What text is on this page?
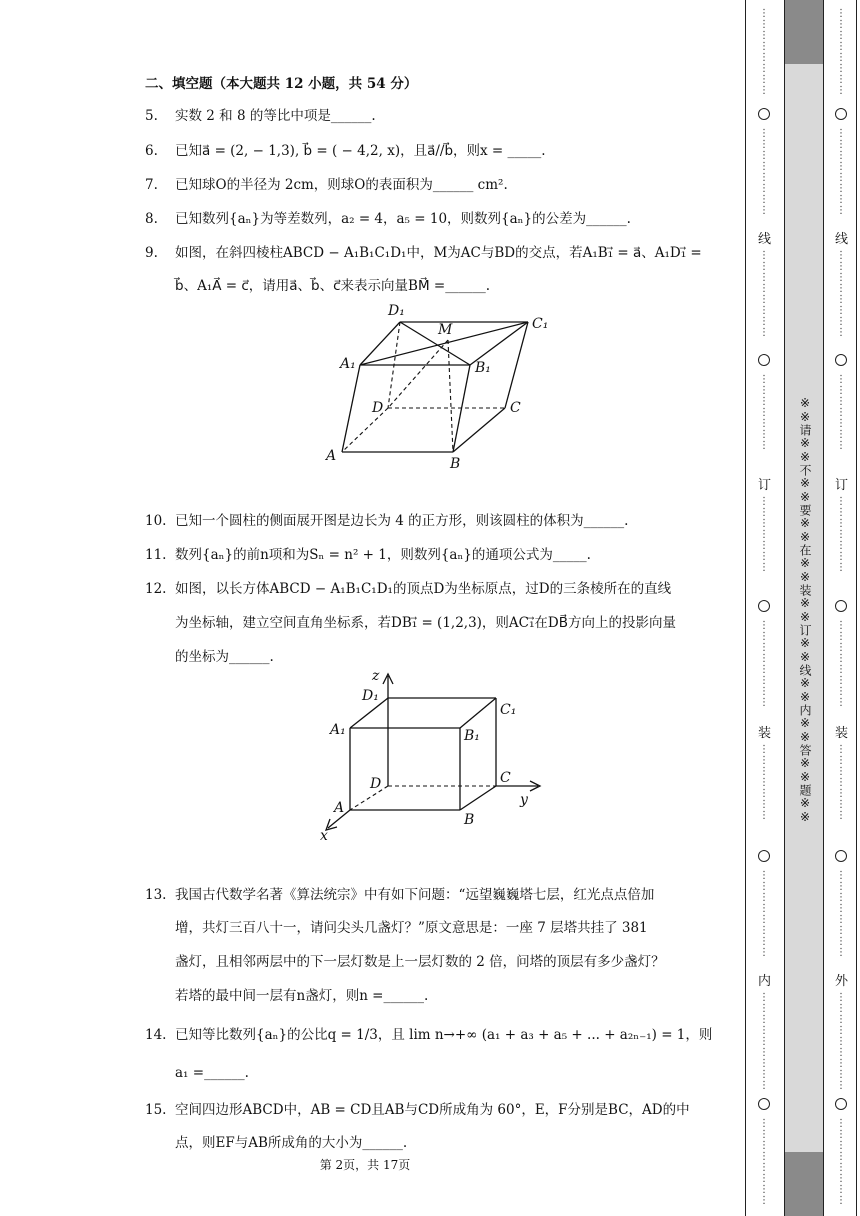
二、填空题（本大题共 12 小题，共 54 分）
5. 实数 2 和 8 的等比中项是______.
6. 已知a⃗ = (2, − 1,3), b⃗ = ( − 4,2, x)，且a⃗//b⃗，则x = _____.
7. 已知球O的半径为 2cm，则球O的表面积为______ cm².
8. 已知数列{aₙ}为等差数列，a₂ = 4，a₅ = 10，则数列{aₙ}的公差为______.
9. 如图，在斜四棱柱ABCD − A₁B₁C₁D₁中，M为AC与BD的交点，若A₁B₁⃗ = a⃗、A₁D₁⃗ =
b⃗、A₁A⃗ = c⃗，请用a⃗、b⃗、c⃗来表示向量BM⃗ =______.
D₁
M	C₁
A₁	B₁
D	C
A	B
10. 已知一个圆柱的侧面展开图是边长为 4 的正方形，则该圆柱的体积为______.
11. 数列{aₙ}的前n项和为Sₙ = n² + 1，则数列{aₙ}的通项公式为_____.
12. 如图，以长方体ABCD − A₁B₁C₁D₁的顶点D为坐标原点，过D的三条棱所在的直线
为坐标轴，建立空间直角坐标系，若DB₁⃗ = (1,2,3)，则AC₁⃗在DB⃗方向上的投影向量
的坐标为______.
z
D₁
C₁
A₁	B₁
D	C
y
A
B
x
13. 我国古代数学名著《算法统宗》中有如下问题：“远望巍巍塔七层，红光点点倍加
增，共灯三百八十一，请问尖头几盏灯？”原文意思是：一座 7 层塔共挂了 381
盏灯，且相邻两层中的下一层灯数是上一层灯数的 2 倍，问塔的顶层有多少盏灯？
若塔的最中间一层有n盏灯，则n =______.
14. 已知等比数列{aₙ}的公比q = 1/3，且 lim n→+∞ (a₁ + a₃ + a₅ + ... + a₂ₙ₋₁) = 1，则
a₁ =______.
15. 空间四边形ABCD中，AB = CD且AB与CD所成角为 60°，E，F分别是BC，AD的中
点，则EF与AB所成角的大小为______.
第 2页，共 17页
※※请※※不※※要※※在※※装※※订※※线※※内※※答※※题※※
⋮
⋮
⋮
⋮
⋮
⋮
⋮
⋮
⋮
⋮
⋮
⋮
⋮
⋮
⋮
⋮
线
⋮
⋮
⋮
⋮
⋮
⋮
⋮
⋮
⋮
⋮
⋮
⋮
⋮
⋮
⋮
订
⋮
⋮
⋮
⋮
⋮
⋮
⋮
⋮
⋮
⋮
⋮
⋮
⋮
⋮
⋮
装
⋮
⋮
⋮
⋮
⋮
⋮
⋮
⋮
⋮
⋮
⋮
⋮
⋮
⋮
⋮
内
⋮
⋮
⋮
⋮
⋮
⋮
⋮
⋮
⋮
⋮
⋮
⋮
⋮
⋮
⋮
⋮
⋮
⋮
⋮
⋮
⋮
⋮
⋮
⋮
⋮
⋮
⋮
⋮
⋮
⋮
⋮
⋮
⋮
线
⋮
⋮
⋮
⋮
⋮
⋮
⋮
⋮
⋮
⋮
⋮
⋮
⋮
⋮
⋮
订
⋮
⋮
⋮
⋮
⋮
⋮
⋮
⋮
⋮
⋮
⋮
⋮
⋮
⋮
⋮
装
⋮
⋮
⋮
⋮
⋮
⋮
⋮
⋮
⋮
⋮
⋮
⋮
⋮
⋮
⋮
外
⋮
⋮
⋮
⋮
⋮
⋮
⋮
⋮
⋮
⋮
⋮
⋮
⋮
⋮
⋮
⋮
⋮
